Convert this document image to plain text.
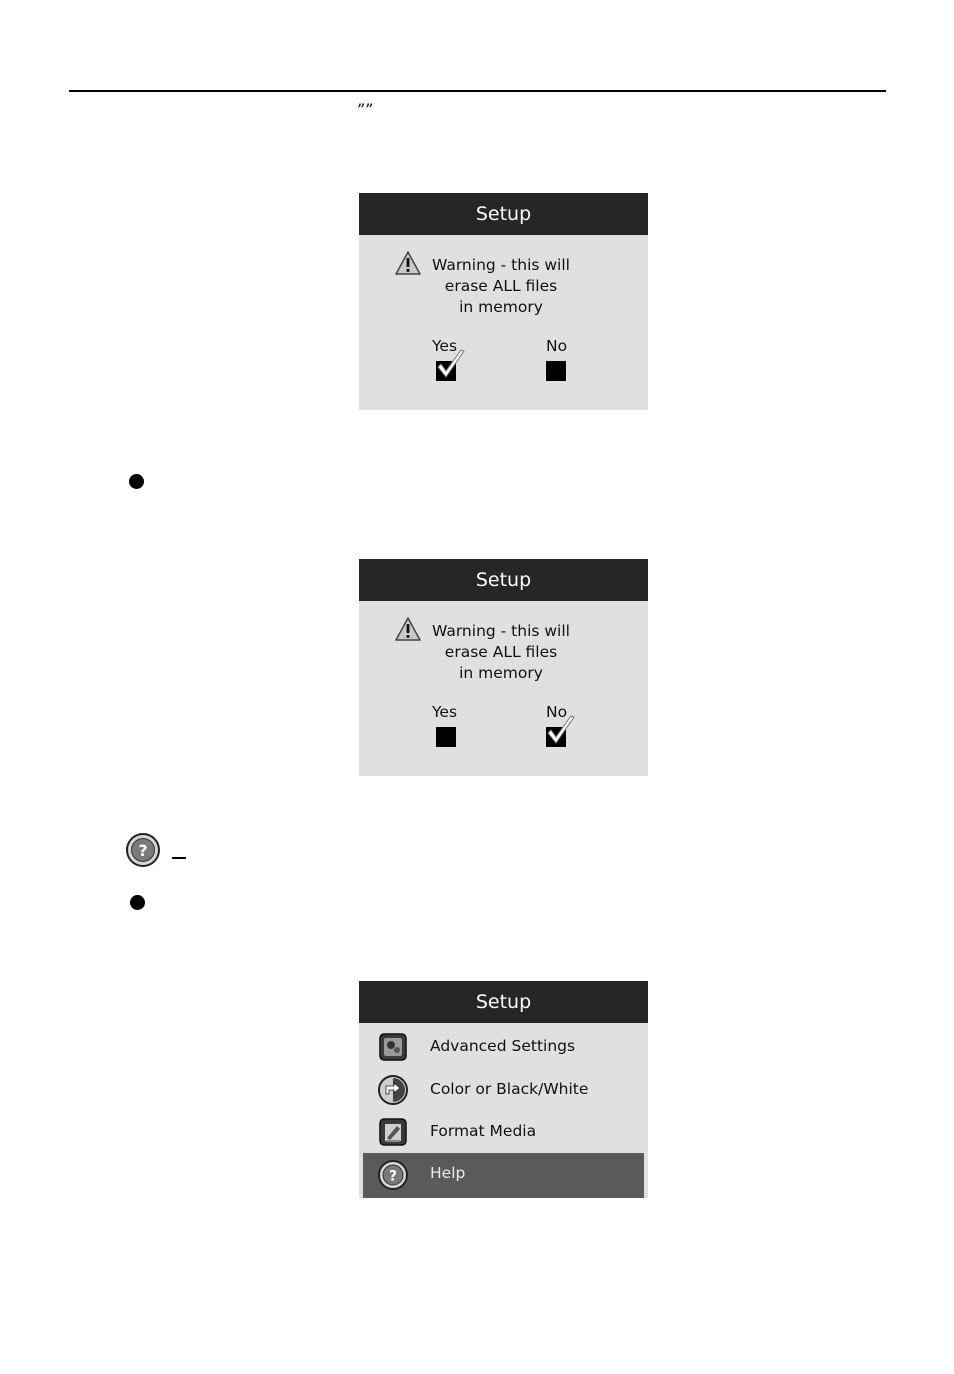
””
Setup
Warning - this will
erase ALL files
in memory
Yes	No
Setup
Warning - this will
erase ALL files
in memory
Yes	No
?
Setup
Advanced Settings
Color or Black/White
Format Media
? Help
